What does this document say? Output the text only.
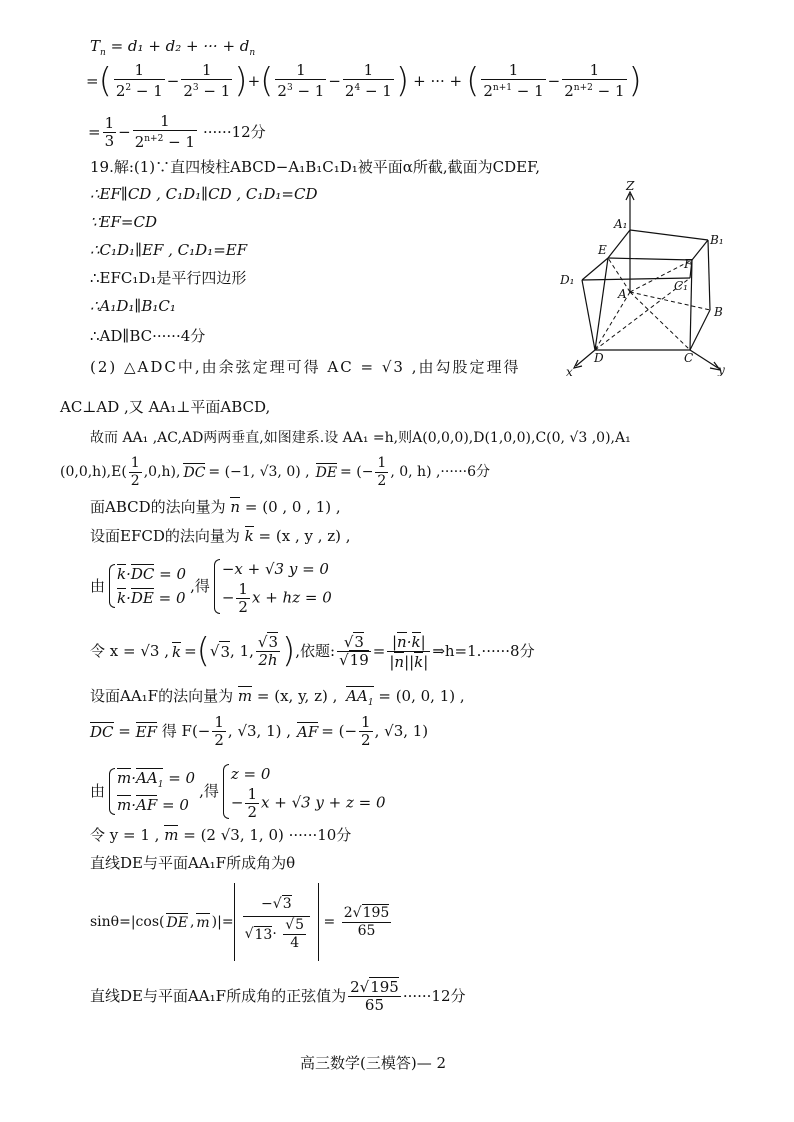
$T_n = d_1 + d_2$ + ··· + $d_n$
= ( $\frac{1}{2^2 - 1} - \frac{1}{2^3 - 1}$ ) + ( $\frac{1}{2^3 - 1} - \frac{1}{2^4 - 1}$ ) + ··· + ( $\frac{1}{2^{n+1} - 1} - \frac{1}{2^{n+2} - 1}$ )
= $\frac{1}{3} - \frac{1}{2^{n+2} - 1} \cdot\cdot\cdot\cdot\cdot\cdot 12$分
19.解:(1)∵直四棱柱ABCD−A₁B₁C₁D₁被平面α所截,截面为CDEF,
∴EF∥CD , C₁D₁∥CD , C₁D₁=CD
∵EF=CD
∴C₁D₁∥EF , C₁D₁=EF
∴EFC₁D₁是平行四边形
∴A₁D₁∥B₁C₁
∴AD∥BC······4分
Z
A₁
B₁
E
F
D₁	C₁
A
B
D	C
x	y
(2) △ADC中,由余弦定理可得 AC = √3 ,由勾股定理得
AC⊥AD ,又 AA₁⊥平面ABCD,
故而 AA₁ ,AC,AD两两垂直,如图建系.设 AA₁ =h,则A(0,0,0),D(1,0,0),C(0, √3 ,0),A₁
$(0,0,h),E( \frac{1}{2} ,0,h)$, DC = (−1, √3, 0) , DE = (− $\frac{1}{2}$ , 0, h) ,······6分
面ABCD的法向量为 n = (0 , 0 , 1) ,
设面EFCD的法向量为 k = (x , y , z) ,
由
k·DC = 0
k·DE = 0
,得
−x + √3 y = 0
− $\frac{1}{2}$ x + hz = 0
令 x = √3 , k = ( √ 3 , 1, $\frac{√3}{2h}$ ) ,依题: $\frac{√3}{√19} = \frac{|n\cdot k|}{|n||k|}$ ⇒h=1.······8分
设面AA₁F的法向量为 m = (x, y, z) , $AA_1 = (0$, 0, 1) ,
DC = EF
得 $F(- \frac{1}{2}$ , √3, 1) , AF = (− $\frac{1}{2}$ , √3, 1)
由
$m\cdot AA_1 = 0$
m·AF = 0
,得
z = 0
− $\frac{1}{2}$ x + √3 y + z = 0
令 y = 1 , m = (2 √3, 1, 0) ······10分
直线DE与平面AA₁F所成角为θ
sinθ=|cos( DE , m )|= $\frac{-√3}{√ 13 \cdot \frac{√5}{4}} = \frac{2√195}{65}$
直线DE与平面AA₁F所成角的正弦值为 $\frac{2√195}{65} \cdot\cdot\cdot\cdot\cdot\cdot 12$分
高三数学(三模答)— 2
